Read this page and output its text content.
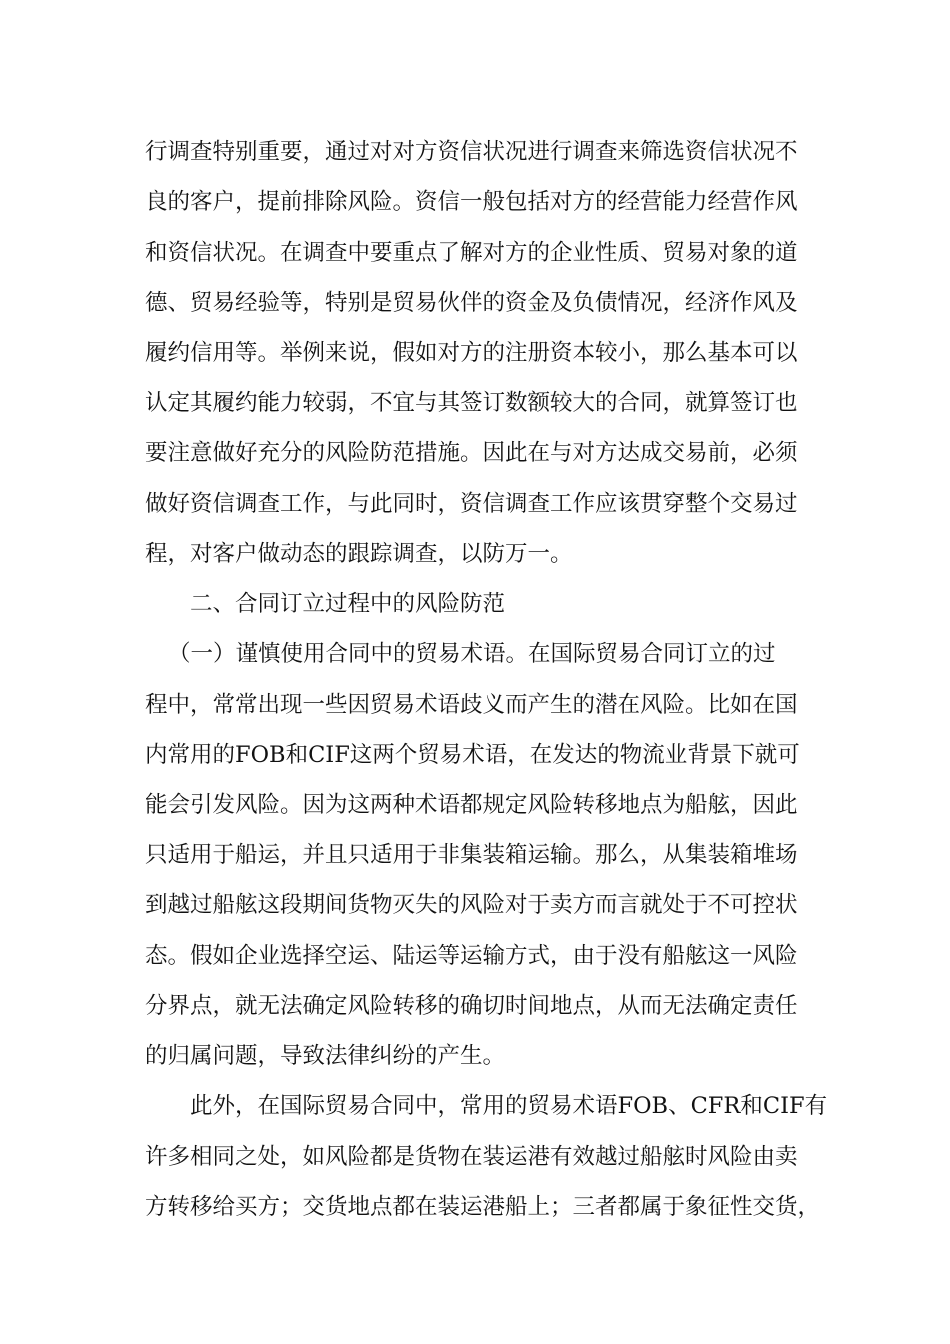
行调查特别重要，通过对对方资信状况进行调查来筛选资信状况不
良的客户，提前排除风险。资信一般包括对方的经营能力经营作风
和资信状况。在调查中要重点了解对方的企业性质、贸易对象的道
德、贸易经验等，特别是贸易伙伴的资金及负债情况，经济作风及
履约信用等。举例来说，假如对方的注册资本较小，那么基本可以
认定其履约能力较弱，不宜与其签订数额较大的合同，就算签订也
要注意做好充分的风险防范措施。因此在与对方达成交易前，必须
做好资信调查工作，与此同时，资信调查工作应该贯穿整个交易过
程，对客户做动态的跟踪调查，以防万一。
二、合同订立过程中的风险防范
（一）谨慎使用合同中的贸易术语。在国际贸易合同订立的过
程中，常常出现一些因贸易术语歧义而产生的潜在风险。比如在国
内常用的FOB和CIF这两个贸易术语，在发达的物流业背景下就可
能会引发风险。因为这两种术语都规定风险转移地点为船舷，因此
只适用于船运，并且只适用于非集装箱运输。那么，从集装箱堆场
到越过船舷这段期间货物灭失的风险对于卖方而言就处于不可控状
态。假如企业选择空运、陆运等运输方式，由于没有船舷这一风险
分界点，就无法确定风险转移的确切时间地点，从而无法确定责任
的归属问题，导致法律纠纷的产生。
此外，在国际贸易合同中，常用的贸易术语FOB、CFR和CIF有
许多相同之处，如风险都是货物在装运港有效越过船舷时风险由卖
方转移给买方；交货地点都在装运港船上；三者都属于象征性交货，
